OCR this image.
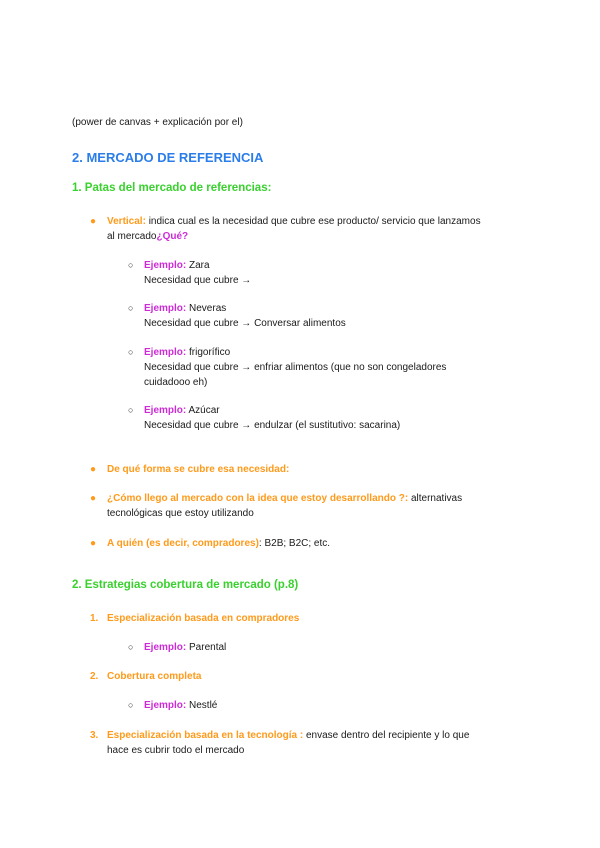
(power de canvas + explicación por el)
2. MERCADO DE REFERENCIA
1. Patas del mercado de referencias:
● Vertical: indica cual es la necesidad que cubre ese producto/ servicio que lanzamos
al mercado¿Qué?
○ Ejemplo: Zara
Necesidad que cubre →
○ Ejemplo: Neveras
Necesidad que cubre → Conversar alimentos
○ Ejemplo: frigorífico
Necesidad que cubre → enfriar alimentos (que no son congeladores
cuidadooo eh)
○ Ejemplo: Azúcar
Necesidad que cubre → endulzar (el sustitutivo: sacarina)
● De qué forma se cubre esa necesidad:
● ¿Cómo llego al mercado con la idea que estoy desarrollando ?: alternativas
tecnológicas que estoy utilizando
● A quién (es decir, compradores): B2B; B2C; etc.
2. Estrategias cobertura de mercado (p.8)
1. Especialización basada en compradores
○ Ejemplo: Parental
2. Cobertura completa
○ Ejemplo: Nestlé
3. Especialización basada en la tecnología : envase dentro del recipiente y lo que
hace es cubrir todo el mercado
